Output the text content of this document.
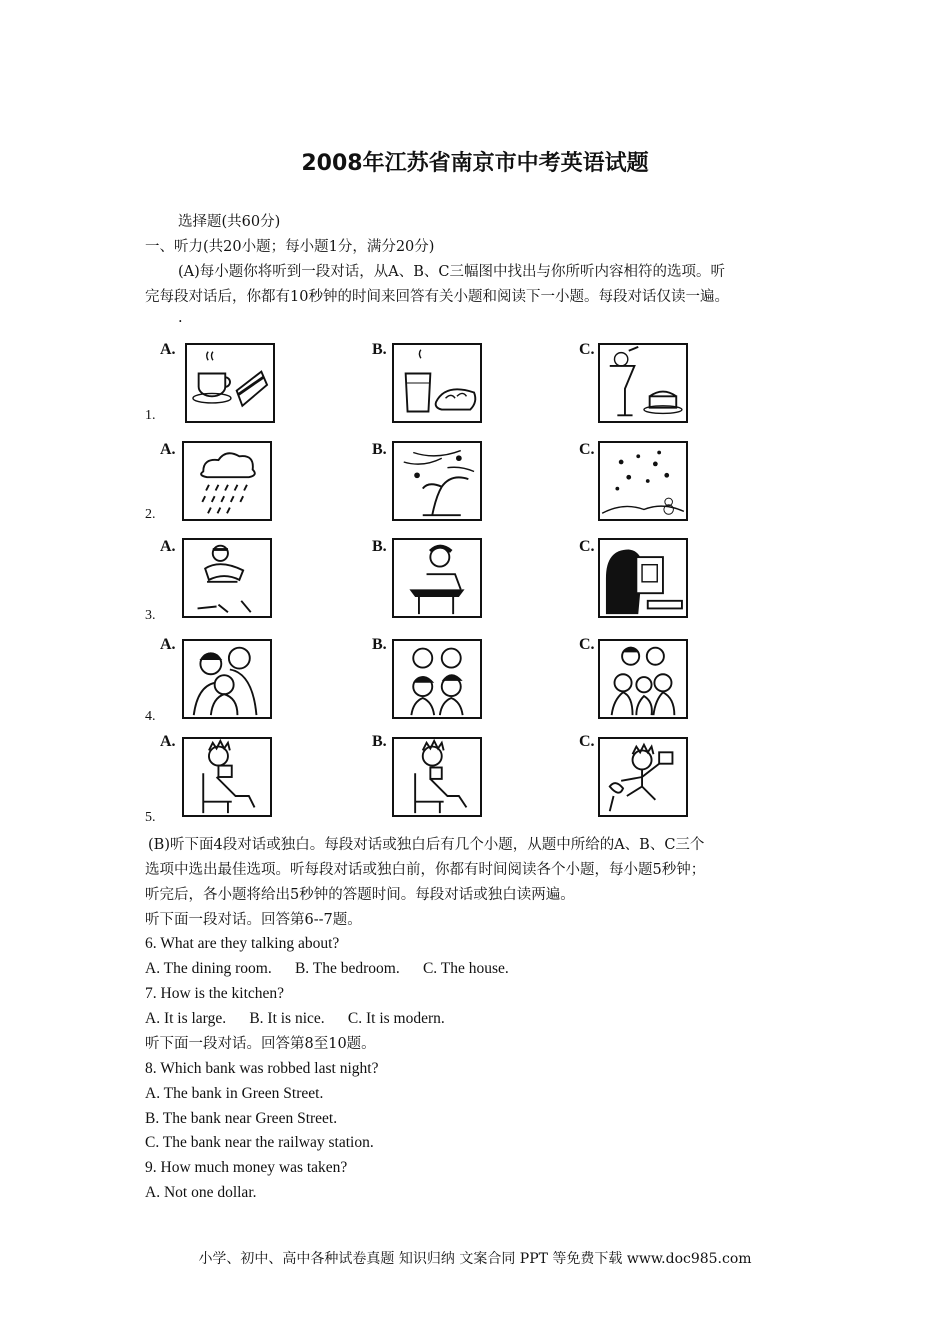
2008年江苏省南京市中考英语试题
选择题(共60分)
一、听力(共20小题；每小题1分，满分20分)
(A)每小题你将听到一段对话，从A、B、C三幅图中找出与你所听内容相符的选项。听
完每段对话后，你都有10秒钟的时间来回答有关小题和阅读下一小题。每段对话仅读一遍。
.
1.
A.	B.	C.
2.
A.	B.	C.
3.
A.	B.	C.
4.
A.	B.	C.
5.
A.	B.	C.
(B)听下面4段对话或独白。每段对话或独白后有几个小题，从题中所给的A、B、C三个
选项中选出最佳选项。听每段对话或独白前，你都有时间阅读各个小题，每小题5秒钟；
听完后，各小题将给出5秒钟的答题时间。每段对话或独白读两遍。
听下面一段对话。回答第6--7题。
6. What are they talking about?
A. The dining room.      B. The bedroom.      C. The house.
7. How is the kitchen?
A. It is large.      B. It is nice.      C. It is modern.
听下面一段对话。回答第8至10题。
8. Which bank was robbed last night?
A. The bank in Green Street.
B. The bank near Green Street.
C. The bank near the railway station.
9. How much money was taken?
A. Not one dollar.
小学、初中、高中各种试卷真题 知识归纳 文案合同 PPT 等免费下载 www.doc985.com
